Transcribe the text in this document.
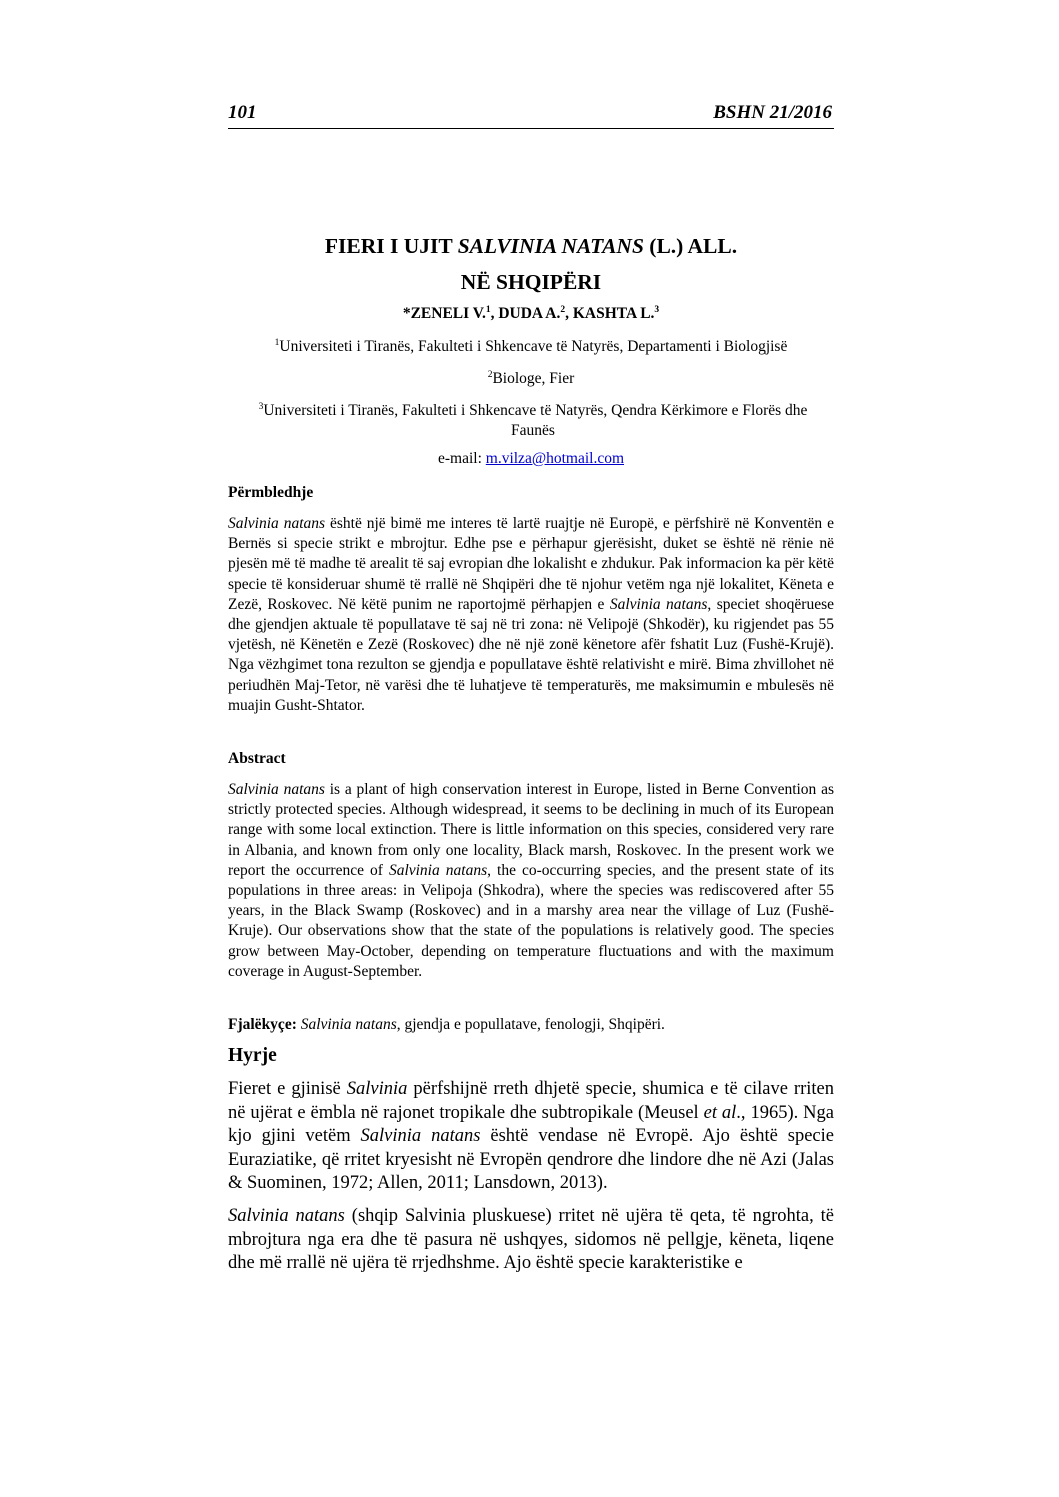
101	BSHN 21/2016
FIERI I UJIT SALVINIA NATANS (L.) ALL.
NË SHQIPËRI
*ZENELI V.$^1$, DUDA A.$^2$, KASHTA L.$^3$
$^1$Universiteti i Tiranës, Fakulteti i Shkencave të Natyrës, Departamenti i Biologjisë
$^2$Biologe, Fier
$^3$Universiteti i Tiranës, Fakulteti i Shkencave të Natyrës, Qendra Kërkimore e Florës dhe Faunës
e-mail: m.vilza@hotmail.com
Përmbledhje
Salvinia natans është një bimë me interes të lartë ruajtje në Europë, e përfshirë në Konventën e Bernës si specie strikt e mbrojtur. Edhe pse e përhapur gjerësisht, duket se është në rënie në pjesën më të madhe të arealit të saj evropian dhe lokalisht e zhdukur. Pak informacion ka për këtë specie të konsideruar shumë të rrallë në Shqipëri dhe të njohur vetëm nga një lokalitet, Këneta e Zezë, Roskovec. Në këtë punim ne raportojmë përhapjen e Salvinia natans, speciet shoqëruese dhe gjendjen aktuale të popullatave të saj në tri zona: në Velipojë (Shkodër), ku rigjendet pas 55 vjetësh, në Kënetën e Zezë (Roskovec) dhe në një zonë kënetore afër fshatit Luz (Fushë-Krujë). Nga vëzhgimet tona rezulton se gjendja e popullatave është relativisht e mirë. Bima zhvillohet në periudhën Maj-Tetor, në varësi dhe të luhatjeve të temperaturës, me maksimumin e mbulesës në muajin Gusht-Shtator.
Abstract
Salvinia natans is a plant of high conservation interest in Europe, listed in Berne Convention as strictly protected species. Although widespread, it seems to be declining in much of its European range with some local extinction. There is little information on this species, considered very rare in Albania, and known from only one locality, Black marsh, Roskovec. In the present work we report the occurrence of Salvinia natans, the co-occurring species, and the present state of its populations in three areas: in Velipoja (Shkodra), where the species was rediscovered after 55 years, in the Black Swamp (Roskovec) and in a marshy area near the village of Luz (Fushë- Kruje). Our observations show that the state of the populations is relatively good. The species grow between May-October, depending on temperature fluctuations and with the maximum coverage in August-September.
Fjalëkyçe: Salvinia natans, gjendja e popullatave, fenologji, Shqipëri.
Hyrje
Fieret e gjinisë Salvinia përfshijnë rreth dhjetë specie, shumica e të cilave rriten në ujërat e ëmbla në rajonet tropikale dhe subtropikale (Meusel et al., 1965). Nga kjo gjini vetëm Salvinia natans është vendase në Evropë. Ajo është specie Euraziatike, që rritet kryesisht në Evropën qendrore dhe lindore dhe në Azi (Jalas & Suominen, 1972; Allen, 2011; Lansdown, 2013).
Salvinia natans (shqip Salvinia pluskuese) rritet në ujëra të qeta, të ngrohta, të mbrojtura nga era dhe të pasura në ushqyes, sidomos në pellgje, këneta, liqene dhe më rrallë në ujëra të rrjedhshme. Ajo është specie karakteristike e
